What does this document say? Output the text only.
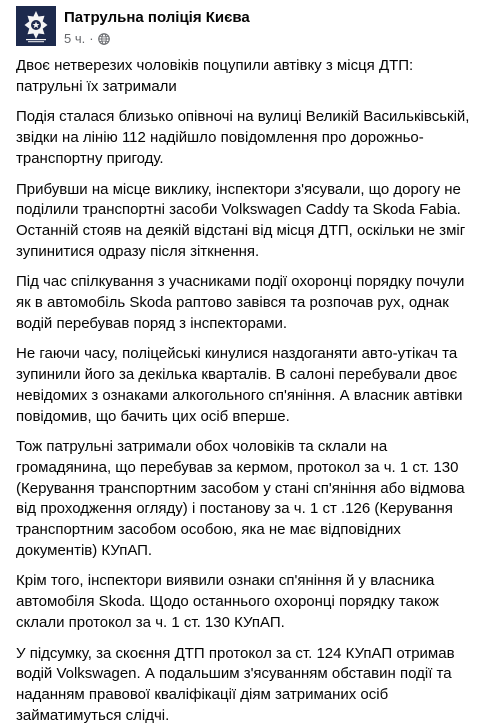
Патрульна поліція Києва
5 ч. ·

Двоє нетверезих чоловіків поцупили автівку з місця ДТП: патрульні їх затримали

Подія сталася близько опівночі на вулиці Великій Васильківській, звідки на лінію 112 надійшло повідомлення про дорожньо-транспортну пригоду.

Прибувши на місце виклику, інспектори з'ясували, що дорогу не поділили транспортні засоби Volkswagen Caddy та Skoda Fabia. Останній стояв на деякій відстані від місця ДТП, оскільки не зміг зупинитися одразу після зіткнення.

Під час спілкування з учасниками події охоронці порядку почули як в автомобіль Skoda раптово завівся та розпочав рух, однак водій перебував поряд з інспекторами.

Не гаючи часу, поліцейські кинулися наздоганяти авто-утікач та зупинили його за декілька кварталів. В салоні перебували двоє невідомих з ознаками алкогольного сп'яніння. А власник автівки повідомив, що бачить цих осіб вперше.

Тож патрульні затримали обох чоловіків та склали на громадянина, що перебував за кермом, протокол за ч. 1 ст. 130 (Керування транспортним засобом у стані сп'яніння або відмова від проходження огляду) і постанову за ч. 1 ст .126 (Керування транспортним засобом особою, яка не має відповідних документів) КУпАП.

Крім того, інспектори виявили ознаки сп'яніння й у власника автомобіля Skoda. Щодо останнього охоронці порядку також склали протокол за ч. 1 ст. 130 КУпАП.

У підсумку, за скоєння ДТП протокол за ст. 124 КУпАП отримав водій Volkswagen. А подальшим з'ясуванням обставин події та наданням правової кваліфікації діям затриманих осіб займатимуться слідчі.
